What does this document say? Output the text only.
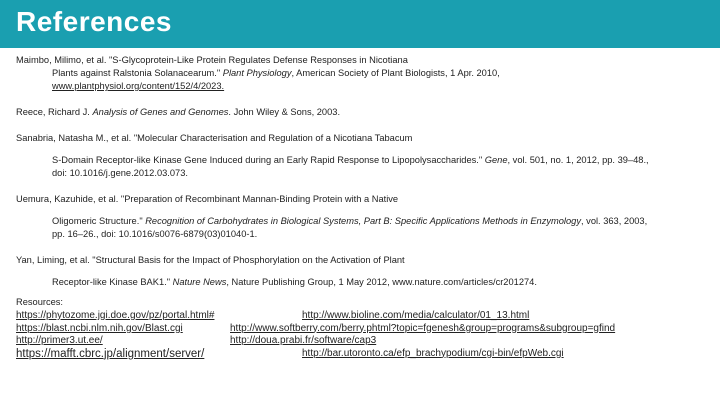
References
Maimbo, Milimo, et al. "S-Glycoprotein-Like Protein Regulates Defense Responses in Nicotiana
Plants against Ralstonia Solanacearum." Plant Physiology, American Society of Plant Biologists, 1 Apr. 2010,
www.plantphysiol.org/content/152/4/2023.
Reece, Richard J. Analysis of Genes and Genomes. John Wiley & Sons, 2003.
Sanabria, Natasha M., et al. "Molecular Characterisation and Regulation of a Nicotiana Tabacum
S-Domain Receptor-like Kinase Gene Induced during an Early Rapid Response to Lipopolysaccharides." Gene, vol. 501, no. 1, 2012, pp. 39–48.,
doi: 10.1016/j.gene.2012.03.073.
Uemura, Kazuhide, et al. "Preparation of Recombinant Mannan-Binding Protein with a Native
Oligomeric Structure." Recognition of Carbohydrates in Biological Systems, Part B: Specific Applications Methods in Enzymology, vol. 363, 2003,
pp. 16–26., doi: 10.1016/s0076-6879(03)01040-1.
Yan, Liming, et al. "Structural Basis for the Impact of Phosphorylation on the Activation of Plant
Receptor-like Kinase BAK1." Nature News, Nature Publishing Group, 1 May 2012, www.nature.com/articles/cr201274.
Resources:
https://phytozome.jgi.doe.gov/pz/portal.html#	http://www.bioline.com/media/calculator/01_13.html
https://blast.ncbi.nlm.nih.gov/Blast.cgi	http://www.softberry.com/berry.phtml?topic=fgenesh&group=programs&subgroup=gfind
http://primer3.ut.ee/	http://doua.prabi.fr/software/cap3
https://mafft.cbrc.jp/alignment/server/	http://bar.utoronto.ca/efp_brachypodium/cgi-bin/efpWeb.cgi
